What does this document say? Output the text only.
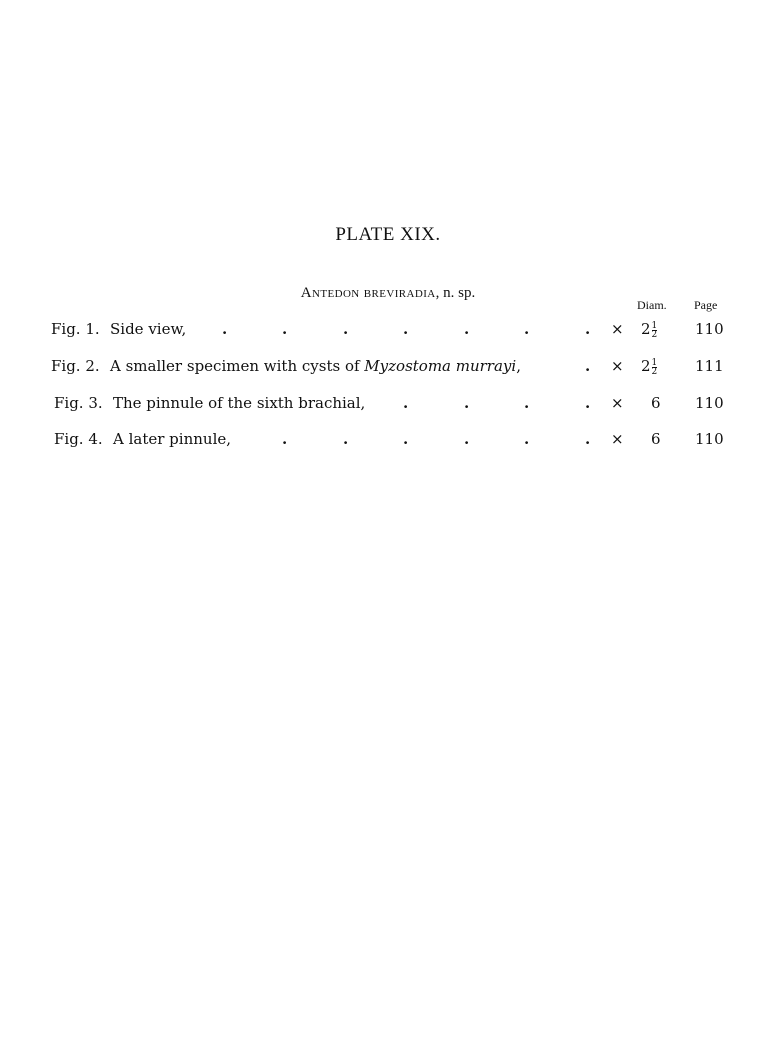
PLATE XIX.
Antedon breviradia, n. sp.
Diam. Page
Fig. 1. Side view, .	.	.	.	.	.	. × $2 \frac{1}{2}$	110
Fig. 2. A smaller specimen with cysts of Myzostoma murrayi,	. × $2 \frac{1}{2}$	111
Fig. 3. The pinnule of the sixth brachial,	.	.	.	. × 6 110
Fig. 4. A later pinnule,	.	.	.	.	.	. × 6 110
